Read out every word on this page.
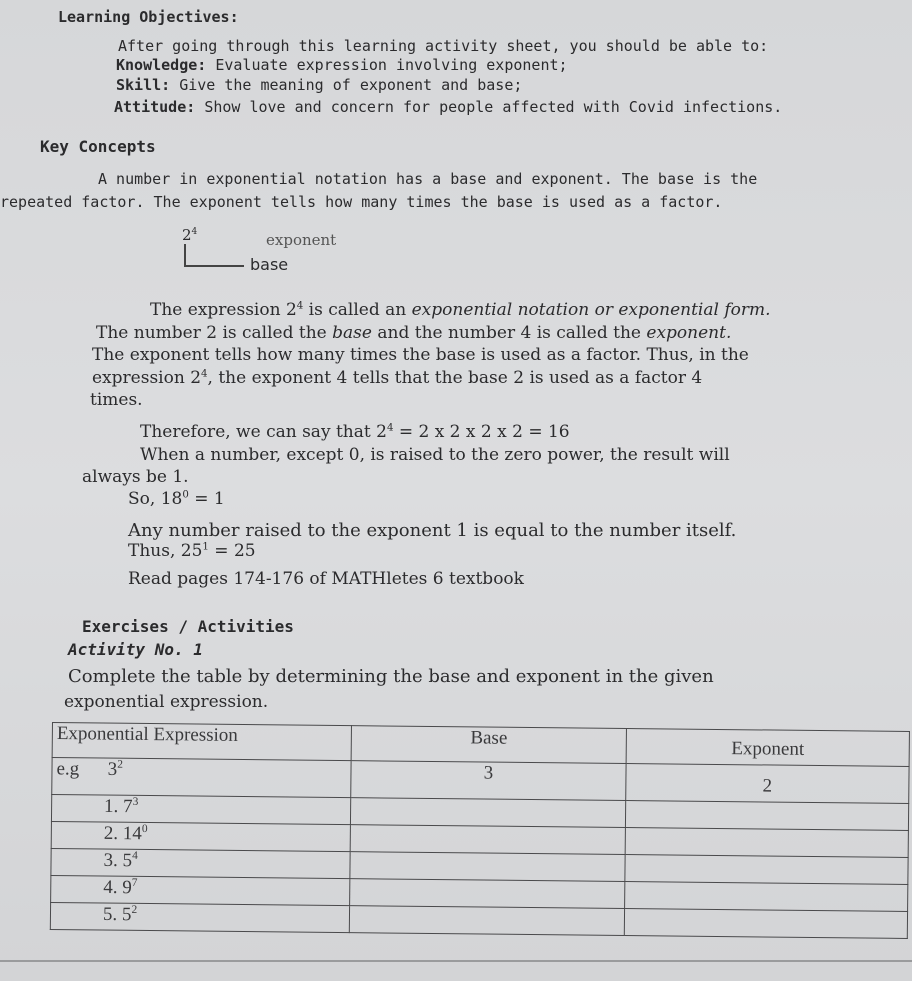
Learning Objectives:
After going through this learning activity sheet, you should be able to:
Knowledge: Evaluate expression involving exponent;
Skill: Give the meaning of exponent and base;
Attitude: Show love and concern for people affected with Covid infections.
Key Concepts
A number in exponential notation has a base and exponent. The base is the
repeated factor. The exponent tells how many times the base is used as a factor.
$2^4$	exponent
base
The expression $2^4$ is called an exponential notation or exponential form.
The number 2 is called the base and the number 4 is called the exponent.
The exponent tells how many times the base is used as a factor. Thus, in the
expression $2^4$, the exponent 4 tells that the base 2 is used as a factor 4
times.
Therefore, we can say that $2^4 = 2$ x 2 x 2 x 2 = 16
When a number, except 0, is raised to the zero power, the result will
always be 1.
So, $18^0 = 1$
Any number raised to the exponent 1 is equal to the number itself.
Thus, $25^1 = 25$
Read pages 174-176 of MATHletes 6 textbook
Exercises / Activities
Activity No. 1
Complete the table by determining the base and exponent in the given
exponential expression.
Exponential Expression	Base	Exponent
e.g $3^2$	3	2
1. $7^3$		
2. $14^0$		
3. $5^4$		
4. $9^7$		
5. $5^2$		
